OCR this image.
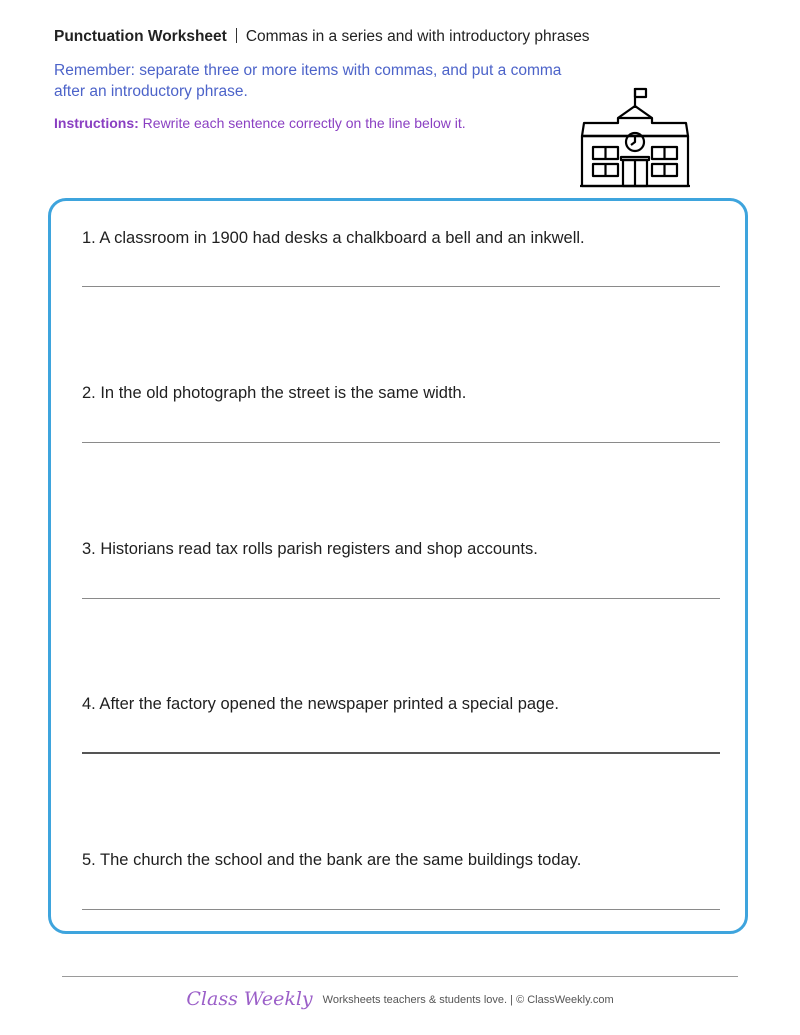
Punctuation Worksheet Commas in a series and with introductory phrases
Remember: separate three or more items with commas, and put a comma after an introductory phrase.
Instructions: Rewrite each sentence correctly on the line below it.
1. A classroom in 1900 had desks a chalkboard a bell and an inkwell.
2. In the old photograph the street is the same width.
3. Historians read tax rolls parish registers and shop accounts.
4. After the factory opened the newspaper printed a special page.
5. The church the school and the bank are the same buildings today.
Class Weekly Worksheets teachers & students love. | © ClassWeekly.com
